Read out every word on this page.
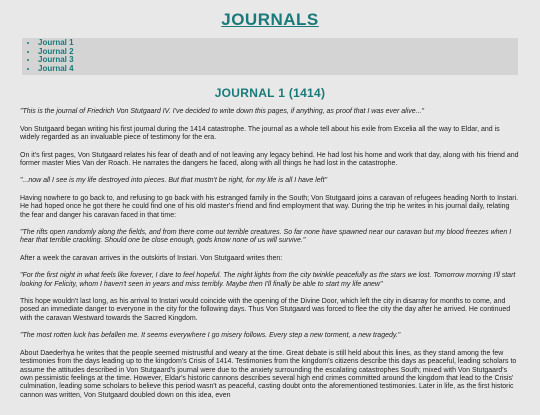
JOURNALS
• Journal 1
• Journal 2
• Journal 3
• Journal 4
JOURNAL 1 (1414)

"This is the journal of Friedrich Von Stutgaard IV. I've decided to write down this pages, if anything, as proof that I was ever alive..."

Von Stutgaard began writing his first journal during the 1414 catastrophe. The journal as a whole tell about his exile from Excelia all the way to Eldar, and is widely regarded as an invaluable piece of testimony for the era.

On it's first pages, Von Stutgaard relates his fear of death and of not leaving any legacy behind. He had lost his home and work that day, along with his friend and former master Mies Van der Roach. He narrates the dangers he faced, along with all things he had lost in the catastrophe.

"...now all I see is my life destroyed into pieces. But that mustn't be right, for my life is all I have left"

Having nowhere to go back to, and refusing to go back with his estranged family in the South; Von Stutgaard joins a caravan of refugees heading North to Instari. He had hoped once he got there he could find one of his old master's friend and find employment that way. During the trip he writes in his journal daily, relating the fear and danger his caravan faced in that time:

"The rifts open randomly along the fields, and from there come out terrible creatures. So far none have spawned near our caravan but my blood freezes when I hear that terrible crackling. Should one be close enough, gods know none of us will survive."

After a week the caravan arrives in the outskirts of Instari. Von Stutgaard writes then:

"For the first night in what feels like forever, I dare to feel hopeful. The night lights from the city twinkle peacefully as the stars we lost. Tomorrow morning I'll start looking for Felicity, whom I haven't seen in years and miss terribly. Maybe then I'll finally be able to start my life anew"

This hope wouldn't last long, as his arrival to Instari would coincide with the opening of the Divine Door, which left the city in disarray for months to come, and posed an immediate danger to everyone in the city for the following days. Thus Von Stutgaard was forced to flee the city the day after he arrived. He continued with the caravan Westward towards the Sacred Kingdom.

"The most rotten luck has befallen me. It seems everywhere I go misery follows. Every step a new torment, a new tragedy."

About Daederhya he writes that the people seemed mistrustful and weary at the time. Great debate is still held about this lines, as they stand among the few testimonies from the days leading up to the kingdom's Crisis of 1414. Testimonies from the kingdom's citizens describe this days as peaceful, leading scholars to assume the attitudes described in Von Stutgaard's journal were due to the anxiety surrounding the escalating catastrophes South; mixed with Von Stutgaard's own pessimistic feelings at the time. However, Eldar's historic cannons describes several high end crimes committed around the kingdom that lead to the Crisis' culmination, leading some scholars to believe this period wasn't as peaceful, casting doubt onto the aforementioned testimonies. Later in life, as the first historic cannon was written, Von Stutgaard doubled down on this idea, even
